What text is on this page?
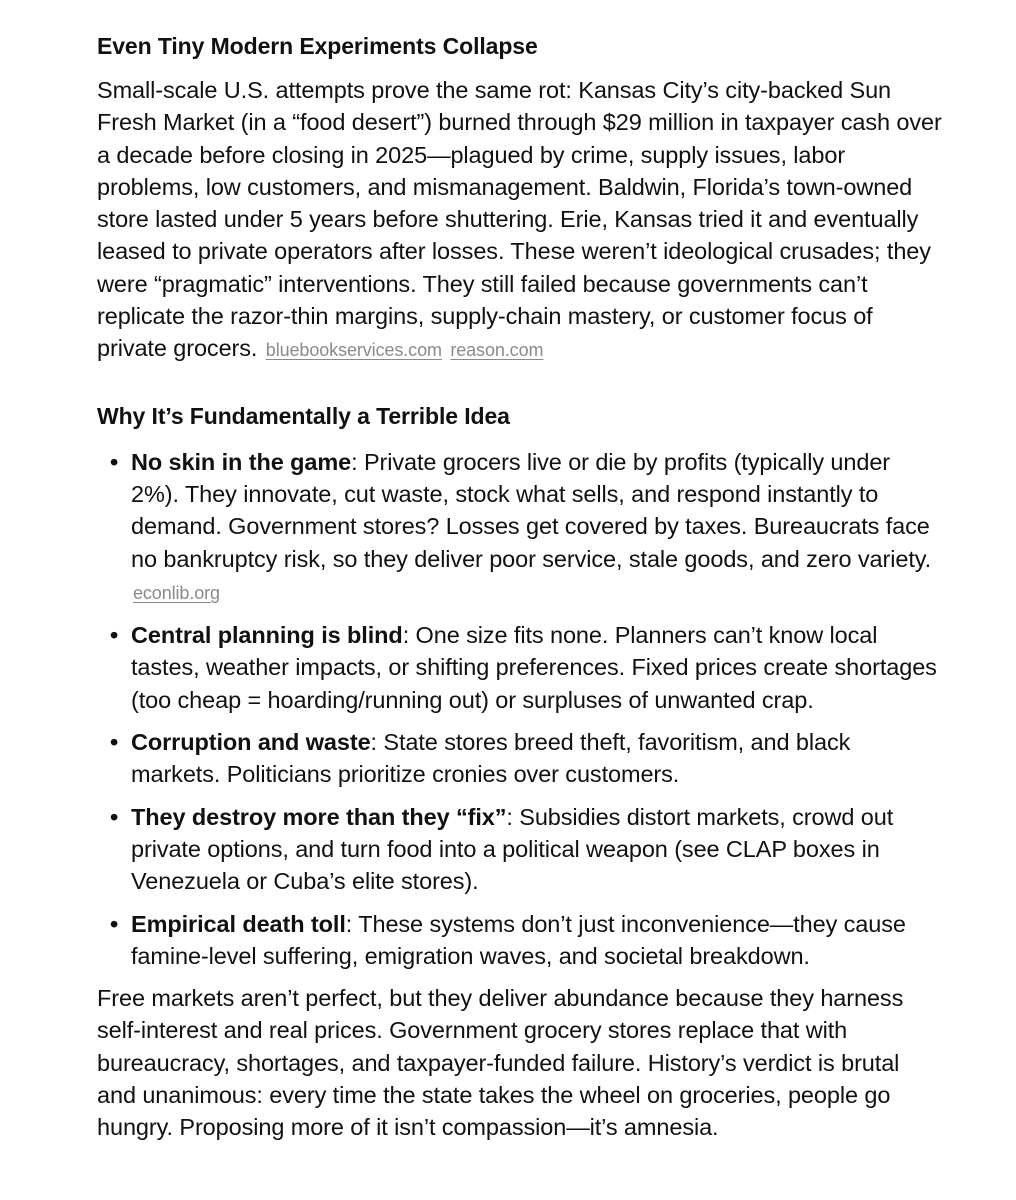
Even Tiny Modern Experiments Collapse

Small-scale U.S. attempts prove the same rot: Kansas City’s city-backed Sun Fresh Market (in a “food desert”) burned through $29 million in taxpayer cash over a decade before closing in 2025—plagued by crime, supply issues, labor problems, low customers, and mismanagement. Baldwin, Florida’s town-owned store lasted under 5 years before shuttering. Erie, Kansas tried it and eventually leased to private operators after losses. These weren’t ideological crusades; they were “pragmatic” interventions. They still failed because governments can’t replicate the razor-thin margins, supply-chain mastery, or customer focus of private grocers. bluebookservices.com reason.com

Why It’s Fundamentally a Terrible Idea
• No skin in the game: Private grocers live or die by profits (typically under 2%). They innovate, cut waste, stock what sells, and respond instantly to demand. Government stores? Losses get covered by taxes. Bureaucrats face no bankruptcy risk, so they deliver poor service, stale goods, and zero variety. econlib.org
• Central planning is blind: One size fits none. Planners can’t know local tastes, weather impacts, or shifting preferences. Fixed prices create shortages (too cheap = hoarding/running out) or surpluses of unwanted crap.
• Corruption and waste: State stores breed theft, favoritism, and black markets. Politicians prioritize cronies over customers.
• They destroy more than they “fix”: Subsidies distort markets, crowd out private options, and turn food into a political weapon (see CLAP boxes in Venezuela or Cuba’s elite stores).
• Empirical death toll: These systems don’t just inconvenience—they cause famine-level suffering, emigration waves, and societal breakdown.

Free markets aren’t perfect, but they deliver abundance because they harness self-interest and real prices. Government grocery stores replace that with bureaucracy, shortages, and taxpayer-funded failure. History’s verdict is brutal and unanimous: every time the state takes the wheel on groceries, people go hungry. Proposing more of it isn’t compassion—it’s amnesia.
